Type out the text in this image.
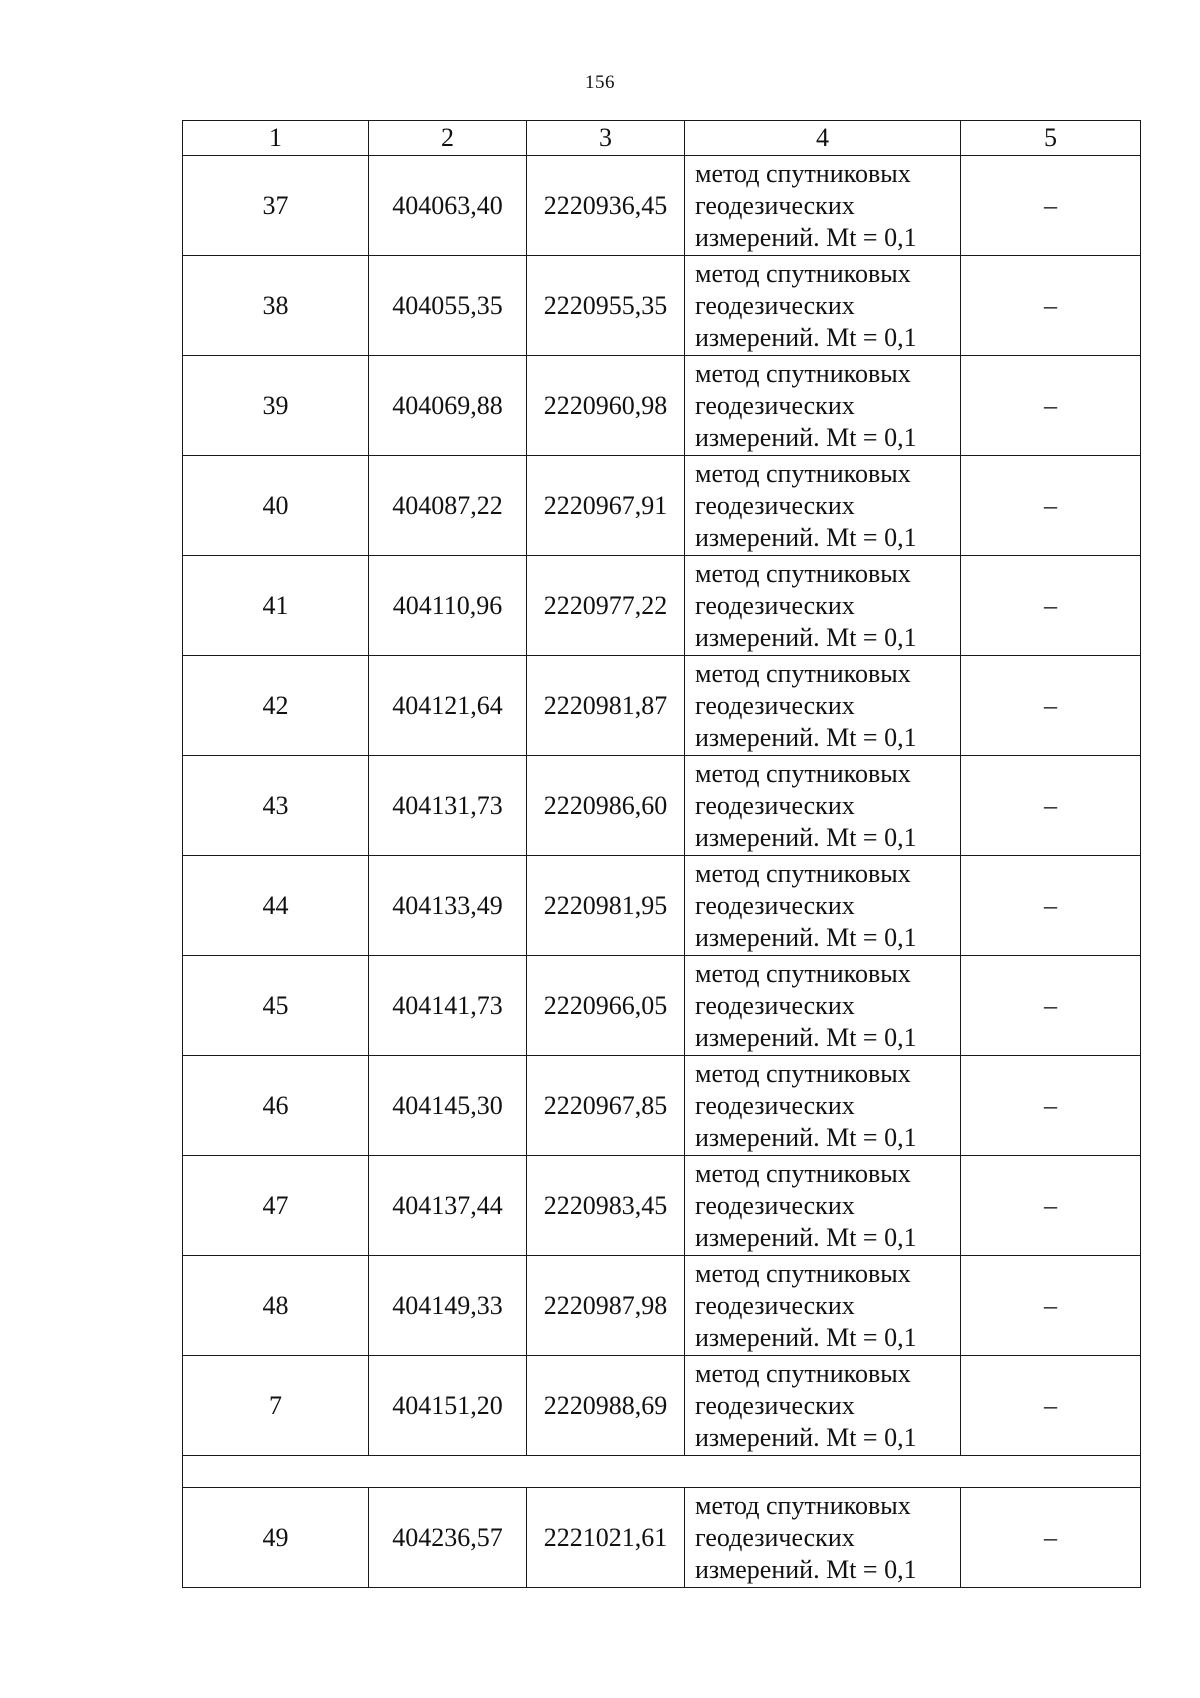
156
1	2	3	4	5
37	404063,40	2220936,45	метод спутниковых
геодезических
измерений. Mt = 0,1	–
38	404055,35	2220955,35	метод спутниковых
геодезических
измерений. Mt = 0,1	–
39	404069,88	2220960,98	метод спутниковых
геодезических
измерений. Mt = 0,1	–
40	404087,22	2220967,91	метод спутниковых
геодезических
измерений. Mt = 0,1	–
41	404110,96	2220977,22	метод спутниковых
геодезических
измерений. Mt = 0,1	–
42	404121,64	2220981,87	метод спутниковых
геодезических
измерений. Mt = 0,1	–
43	404131,73	2220986,60	метод спутниковых
геодезических
измерений. Mt = 0,1	–
44	404133,49	2220981,95	метод спутниковых
геодезических
измерений. Mt = 0,1	–
45	404141,73	2220966,05	метод спутниковых
геодезических
измерений. Mt = 0,1	–
46	404145,30	2220967,85	метод спутниковых
геодезических
измерений. Mt = 0,1	–
47	404137,44	2220983,45	метод спутниковых
геодезических
измерений. Mt = 0,1	–
48	404149,33	2220987,98	метод спутниковых
геодезических
измерений. Mt = 0,1	–
7	404151,20	2220988,69	метод спутниковых
геодезических
измерений. Mt = 0,1	–

49	404236,57	2221021,61	метод спутниковых
геодезических
измерений. Mt = 0,1	–
